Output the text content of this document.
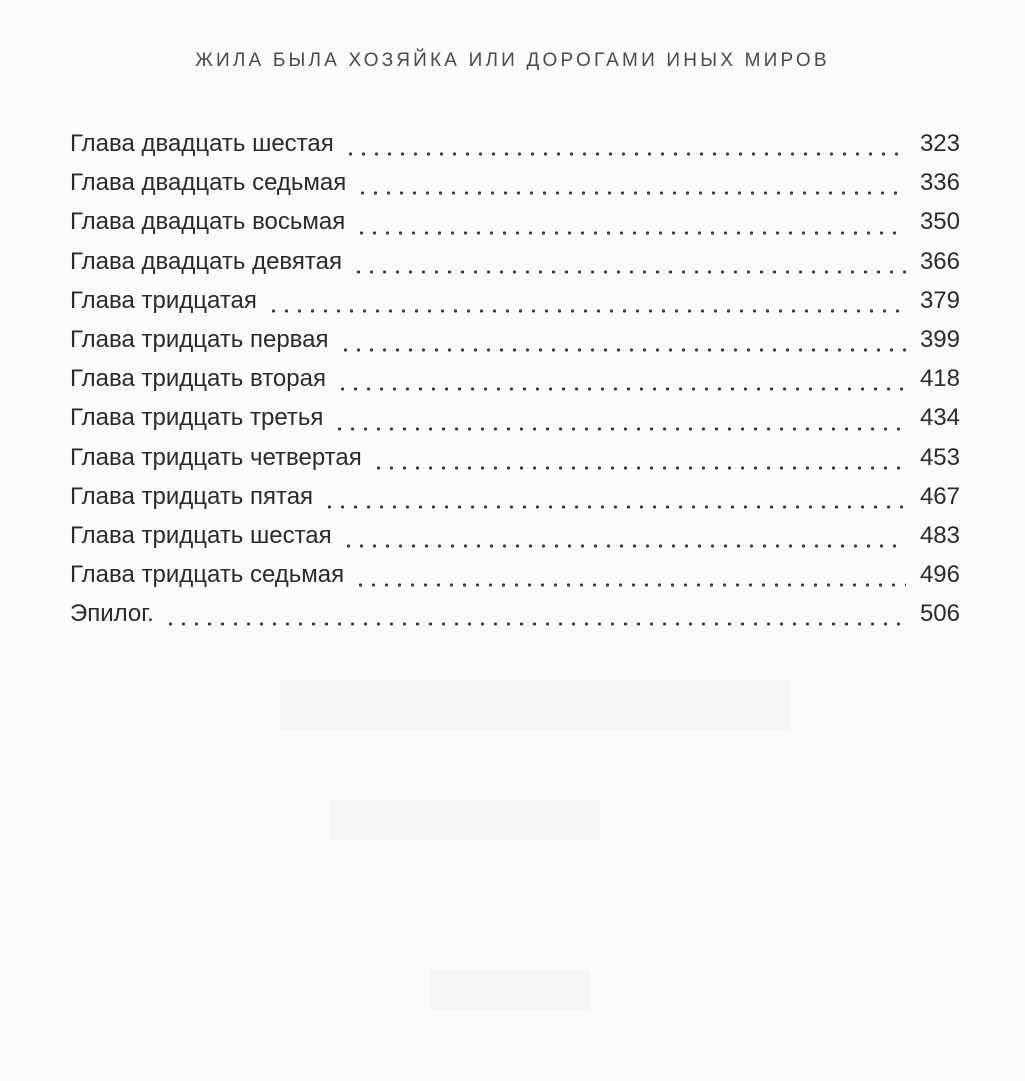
ЖИЛА БЫЛА ХОЗЯЙКА ИЛИ ДОРОГАМИ ИНЫХ МИРОВ
Глава двадцать шестая	323
Глава двадцать седьмая	336
Глава двадцать восьмая	350
Глава двадцать девятая	366
Глава тридцатая	379
Глава тридцать первая	399
Глава тридцать вторая	418
Глава тридцать третья	434
Глава тридцать четвертая	453
Глава тридцать пятая	467
Глава тридцать шестая	483
Глава тридцать седьмая	496
Эпилог.	506
